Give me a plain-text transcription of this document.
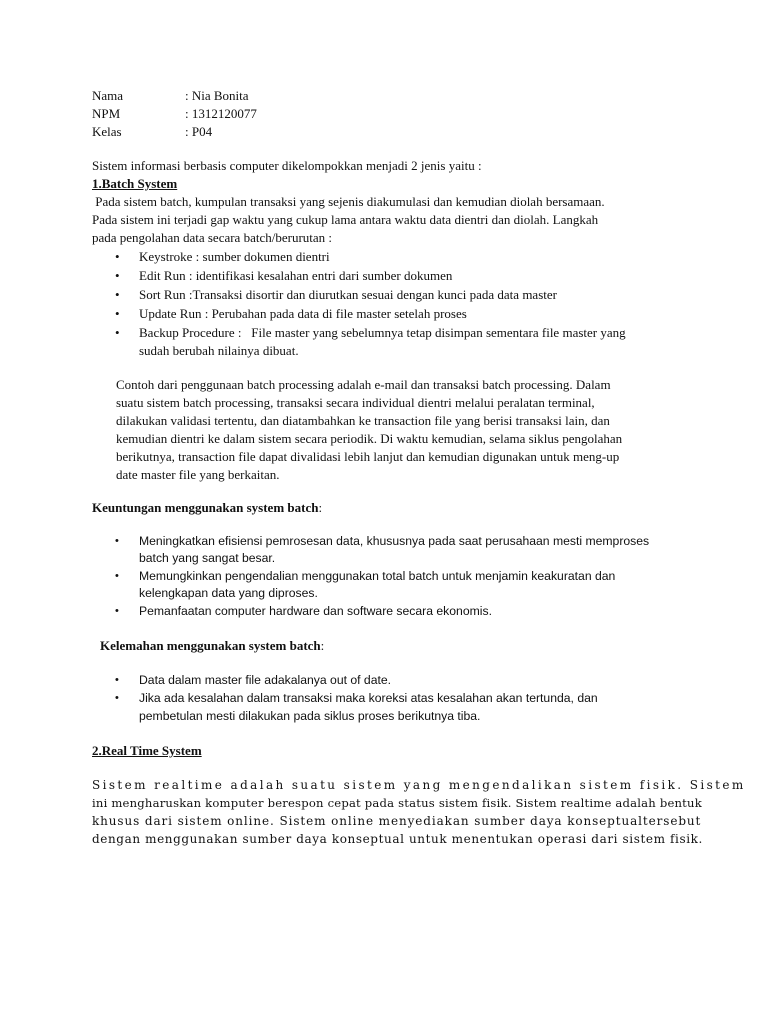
Nama	: Nia Bonita
NPM	: 1312120077
Kelas	: P04
Sistem informasi berbasis computer dikelompokkan menjadi 2 jenis yaitu :
1.Batch System
Pada sistem batch, kumpulan transaksi yang sejenis diakumulasi dan kemudian diolah bersamaan.
Pada sistem ini terjadi gap waktu yang cukup lama antara waktu data dientri dan diolah. Langkah
pada pengolahan data secara batch/berurutan :
• Keystroke : sumber dokumen dientri
• Edit Run : identifikasi kesalahan entri dari sumber dokumen
• Sort Run :Transaksi disortir dan diurutkan sesuai dengan kunci pada data master
• Update Run : Perubahan pada data di file master setelah proses
• Backup Procedure :   File master yang sebelumnya tetap disimpan sementara file master yang
sudah berubah nilainya dibuat.
Contoh dari penggunaan batch processing adalah e-mail dan transaksi batch processing. Dalam
suatu sistem batch processing, transaksi secara individual dientri melalui peralatan terminal,
dilakukan validasi tertentu, dan diatambahkan ke transaction file yang berisi transaksi lain, dan
kemudian dientri ke dalam sistem secara periodik. Di waktu kemudian, selama siklus pengolahan
berikutnya, transaction file dapat divalidasi lebih lanjut dan kemudian digunakan untuk meng-up
date master file yang berkaitan.
Keuntungan menggunakan system batch:
• Meningkatkan efisiensi pemrosesan data, khususnya pada saat perusahaan mesti memproses
batch yang sangat besar.
• Memungkinkan pengendalian menggunakan total batch untuk menjamin keakuratan dan
kelengkapan data yang diproses.
• Pemanfaatan computer hardware dan software secara ekonomis.
Kelemahan menggunakan system batch:
• Data dalam master file adakalanya out of date.
• Jika ada kesalahan dalam transaksi maka koreksi atas kesalahan akan tertunda, dan
pembetulan mesti dilakukan pada siklus proses berikutnya tiba.
2.Real Time System
Sistem realtime adalah suatu sistem yang mengendalikan sistem fisik. Sistem
ini mengharuskan komputer berespon cepat pada status sistem fisik. Sistem realtime adalah bentuk
khusus dari sistem online. Sistem online menyediakan sumber daya konseptualtersebut
dengan menggunakan sumber daya konseptual untuk menentukan operasi dari sistem fisik.
